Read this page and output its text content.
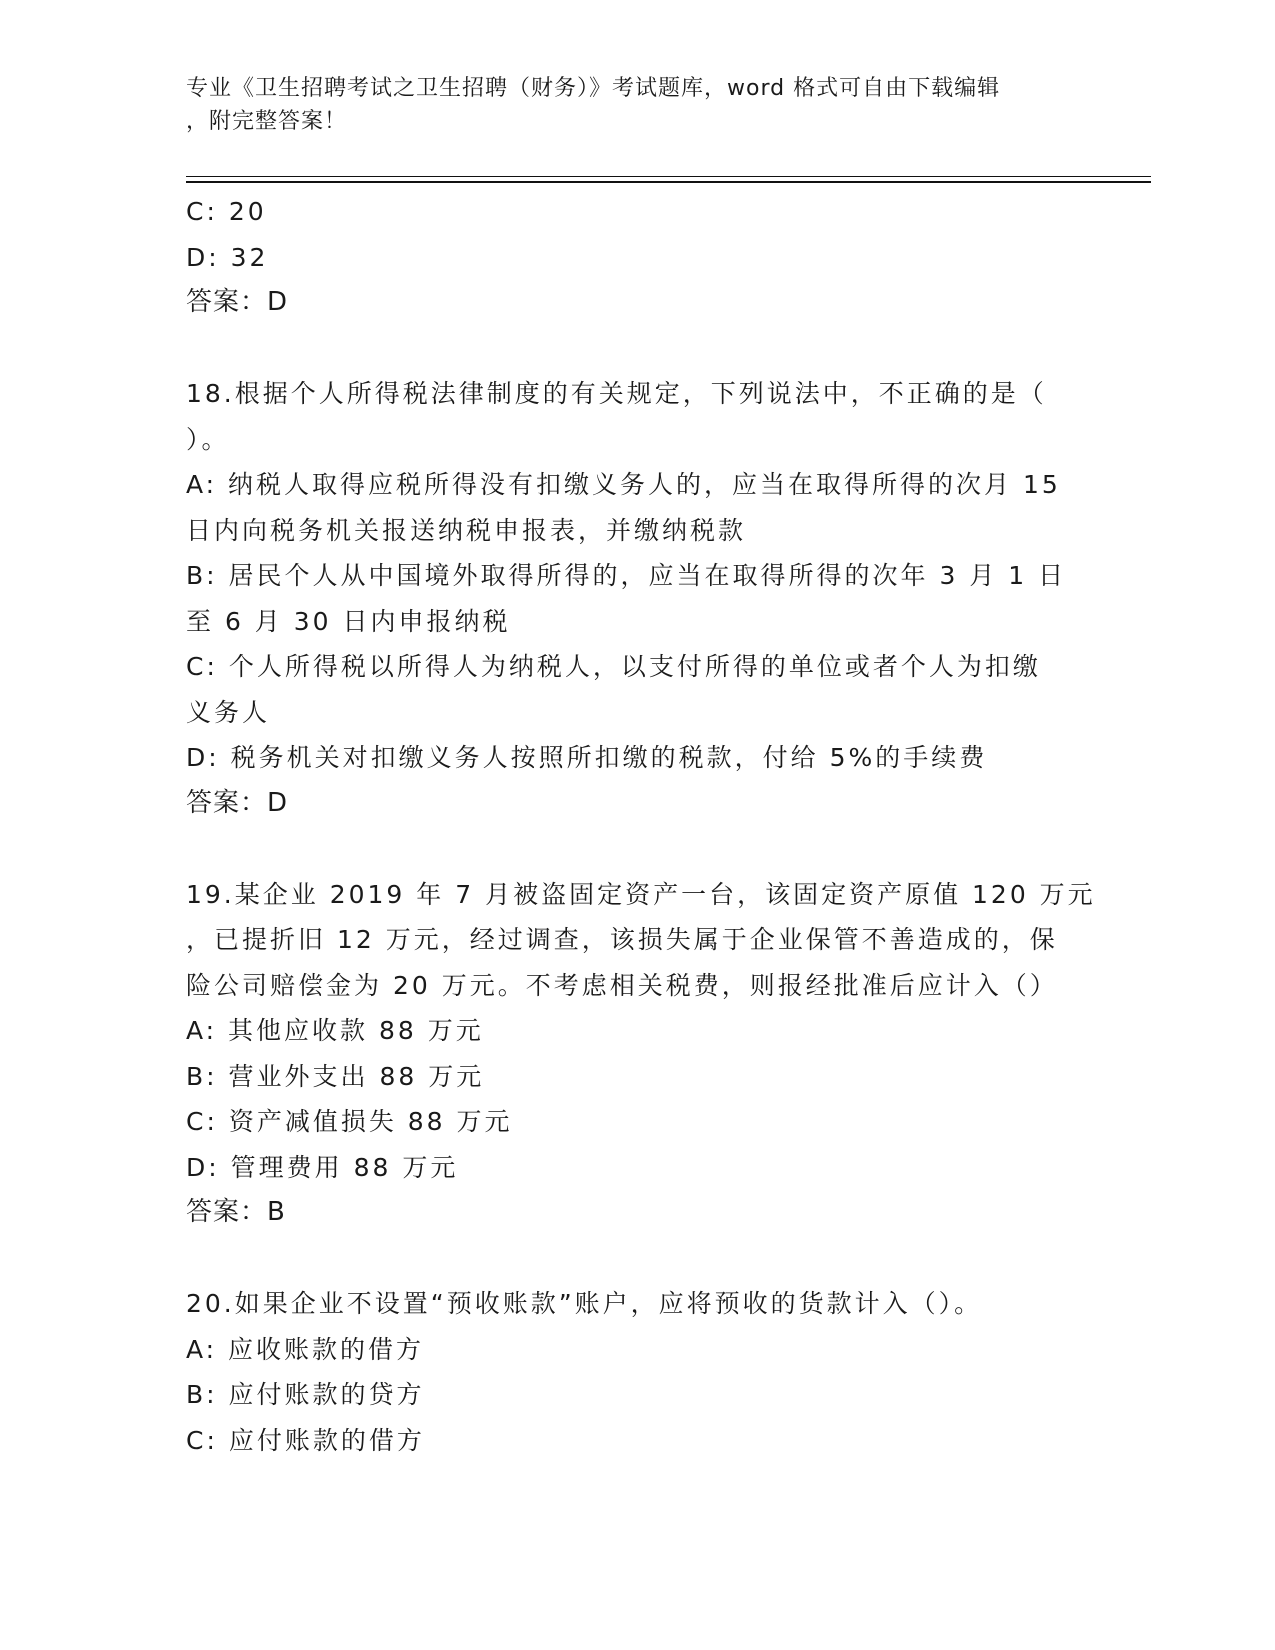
专业《卫生招聘考试之卫生招聘（财务）》考试题库，word 格式可自由下载编辑
，附完整答案！
C: 20
D: 32
答案：D
18.根据个人所得税法律制度的有关规定，下列说法中，不正确的是（
）。
A: 纳税人取得应税所得没有扣缴义务人的，应当在取得所得的次月 15
日内向税务机关报送纳税申报表，并缴纳税款
B: 居民个人从中国境外取得所得的，应当在取得所得的次年 3 月 1 日
至 6 月 30 日内申报纳税
C: 个人所得税以所得人为纳税人，以支付所得的单位或者个人为扣缴
义务人
D: 税务机关对扣缴义务人按照所扣缴的税款，付给 5%的手续费
答案：D
19.某企业 2019 年 7 月被盗固定资产一台，该固定资产原值 120 万元
，已提折旧 12 万元，经过调查，该损失属于企业保管不善造成的，保
险公司赔偿金为 20 万元。不考虑相关税费，则报经批准后应计入（）
A: 其他应收款 88 万元
B: 营业外支出 88 万元
C: 资产减值损失 88 万元
D: 管理费用 88 万元
答案：B
20.如果企业不设置“预收账款”账户，应将预收的货款计入（）。
A: 应收账款的借方
B: 应付账款的贷方
C: 应付账款的借方
